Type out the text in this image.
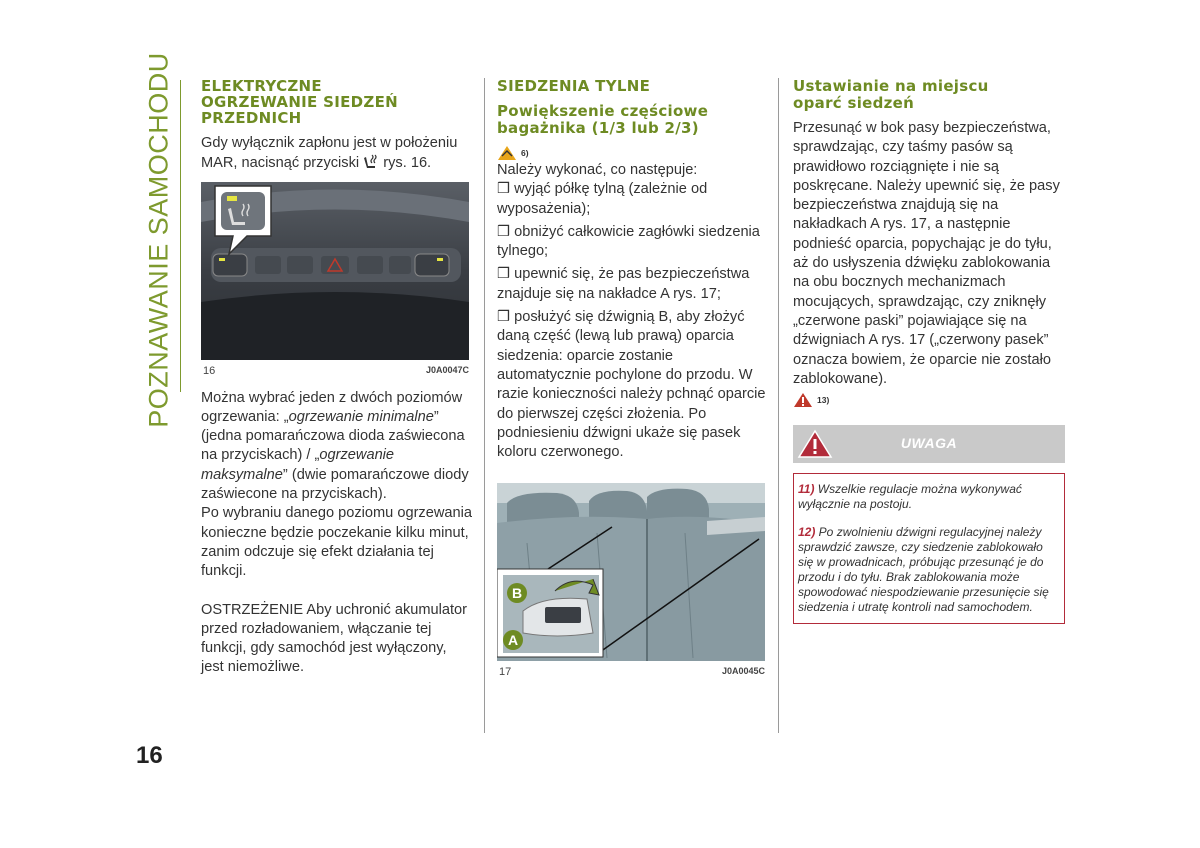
POZNAWANIE SAMOCHODU
16
ELEKTRYCZNE
OGRZEWANIE SIEDZEŃ
PRZEDNICH

Gdy wyłącznik zapłonu jest w położeniu MAR, nacisnąć przyciski  rys. 16.

16	J0A0047C

Można wybrać jeden z dwóch poziomów ogrzewania: „ogrzewanie minimalne” (jedna pomarańczowa dioda zaświecona na przyciskach) / „ogrzewanie maksymalne” (dwie pomarańczowe diody zaświecone na przyciskach).

Po wybraniu danego poziomu ogrzewania konieczne będzie poczekanie kilku minut, zanim odczuje się efekt działania tej funkcji.

OSTRZEŻENIE Aby uchronić akumulator przed rozładowaniem, włączanie tej funkcji, gdy samochód jest wyłączony, jest niemożliwe.

SIEDZENIA TYLNE
Powiększenie częściowe
bagażnika (1/3 lub 2/3)
6)

Należy wykonać, co następuje:

❒ wyjąć półkę tylną (zależnie od wyposażenia);

❒ obniżyć całkowicie zagłówki siedzenia tylnego;

❒ upewnić się, że pas bezpieczeństwa znajduje się na nakładce A rys. 17;

❒ posłużyć się dźwignią B, aby złożyć daną część (lewą lub prawą) oparcia siedzenia: oparcie zostanie automatycznie pochylone do przodu. W razie konieczności należy pchnąć oparcie do pierwszej części złożenia. Po podniesieniu dźwigni ukaże się pasek koloru czerwonego.

B
A
17	J0A0045C
Ustawianie na miejscu
oparć siedzeń

Przesunąć w bok pasy bezpieczeństwa, sprawdzając, czy taśmy pasów są prawidłowo rozciągnięte i nie są poskręcane. Należy upewnić się, że pasy bezpieczeństwa znajdują się na nakładkach A rys. 17, a następnie podnieść oparcia, popychając je do tyłu, aż do usłyszenia dźwięku zablokowania na obu bocznych mechanizmach mocujących, sprawdzając, czy zniknęły „czerwone paski” pojawiające się na dźwigniach A rys. 17 („czerwony pasek” oznacza bowiem, że oparcie nie zostało zablokowane).

13)
UWAGA

11) Wszelkie regulacje można wykonywać wyłącznie na postoju.

12) Po zwolnieniu dźwigni regulacyjnej należy sprawdzić zawsze, czy siedzenie zablokowało się w prowadnicach, próbując przesunąć je do przodu i do tyłu. Brak zablokowania może spowodować niespodziewanie przesunięcie się siedzenia i utratę kontroli nad samochodem.
